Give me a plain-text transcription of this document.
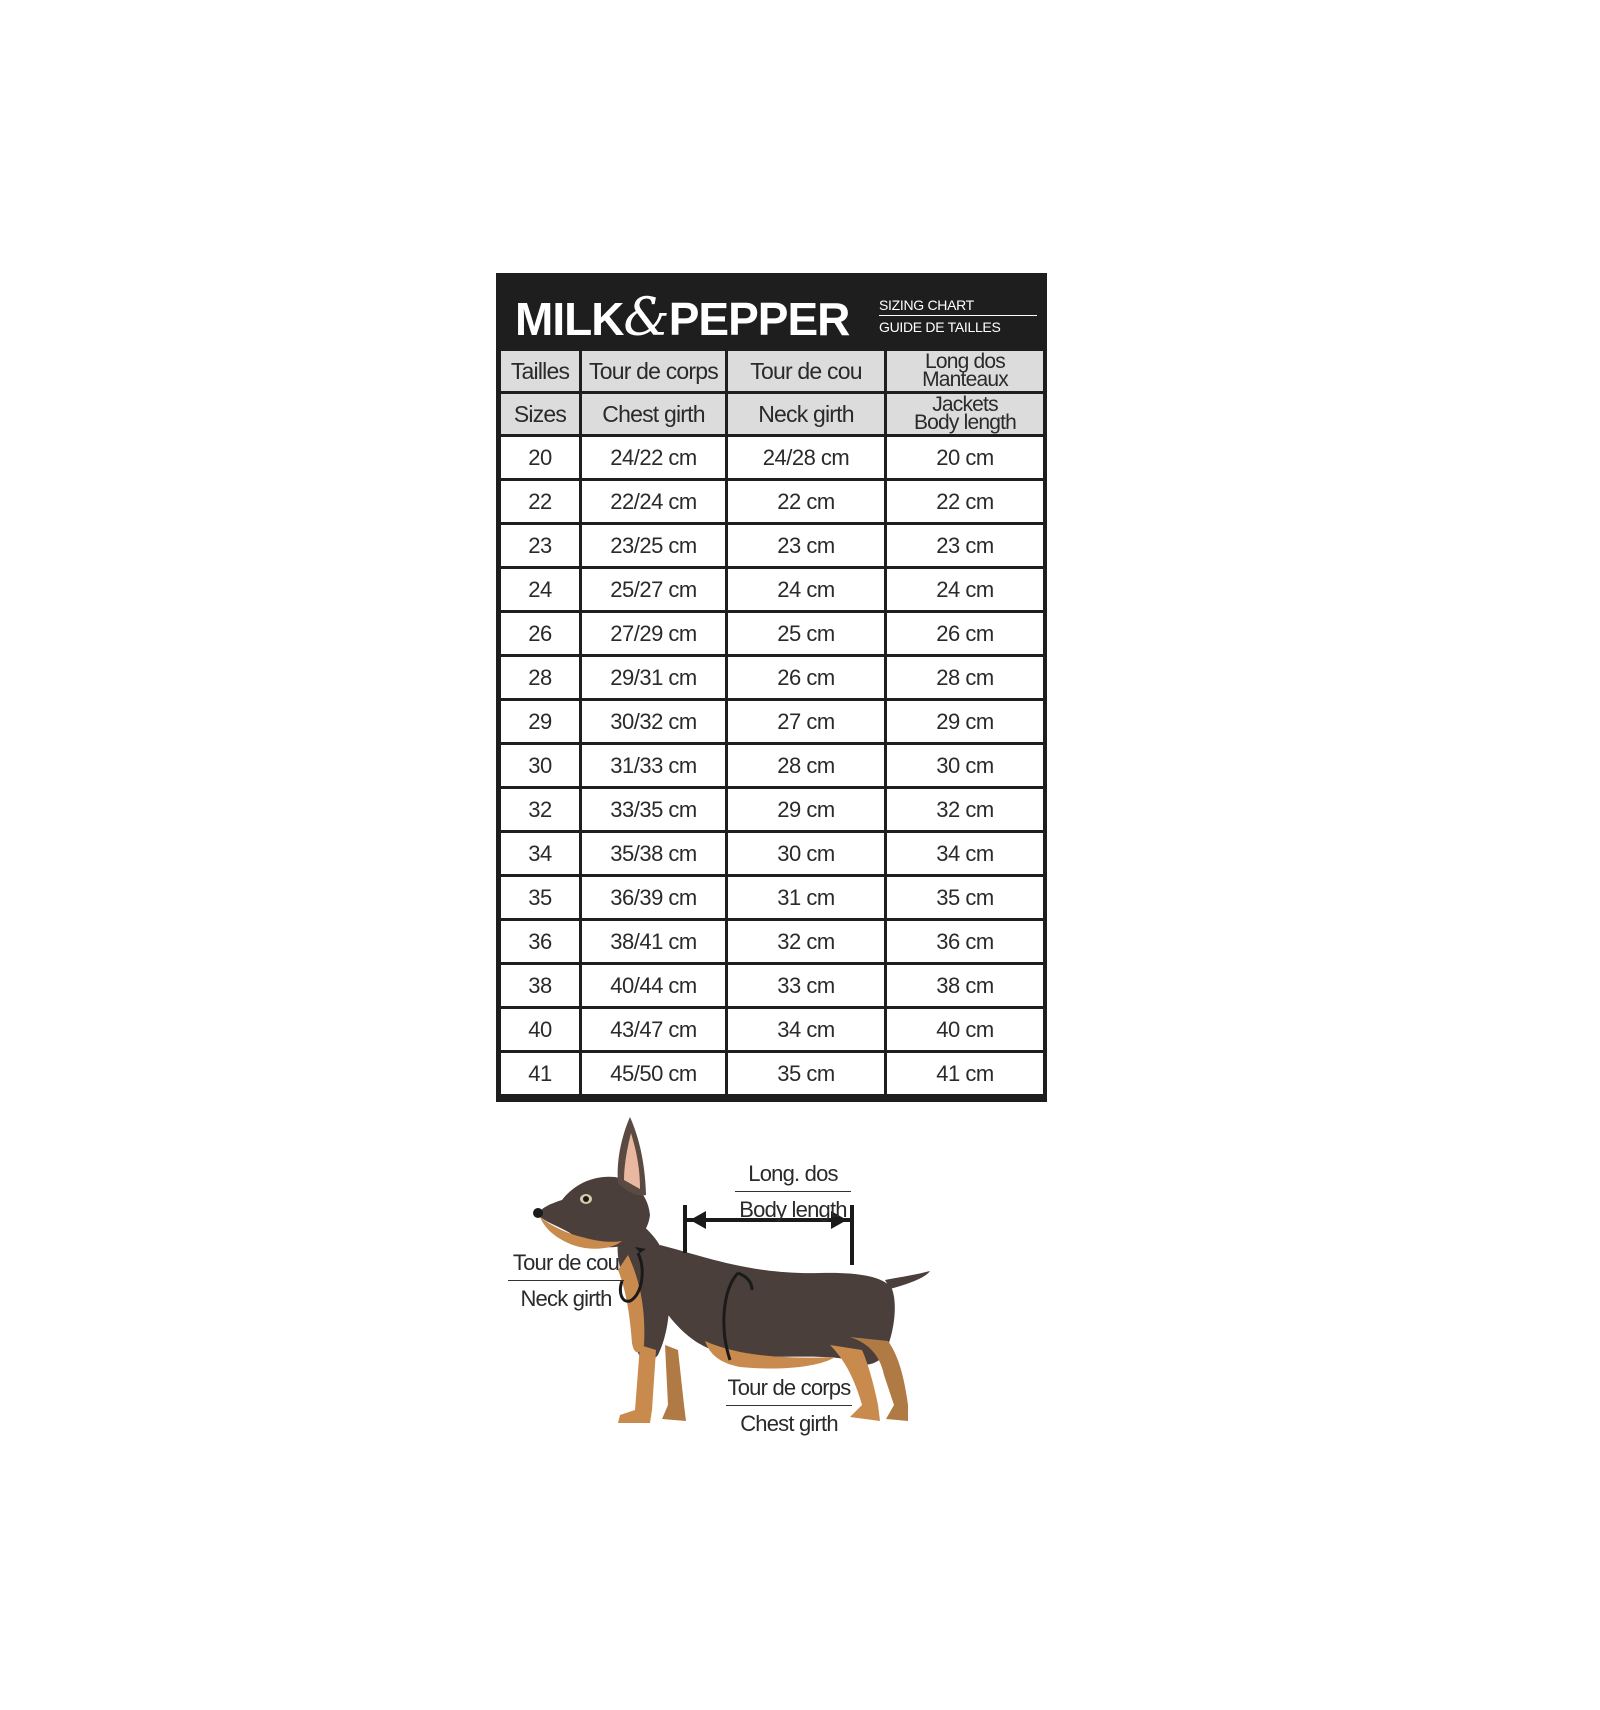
MILK&PEPPER SIZING CHART
GUIDE DE TAILLES
Tailles	Tour de corps	Tour de cou	Long dos
Manteaux

Sizes	Chest girth	Neck girth	Jackets
Body length

20	24/22 cm	24/28 cm	20 cm
22	22/24 cm	22 cm	22 cm
23	23/25 cm	23 cm	23 cm
24	25/27 cm	24 cm	24 cm
26	27/29 cm	25 cm	26 cm
28	29/31 cm	26 cm	28 cm
29	30/32 cm	27 cm	29 cm
30	31/33 cm	28 cm	30 cm
32	33/35 cm	29 cm	32 cm
34	35/38 cm	30 cm	34 cm
35	36/39 cm	31 cm	35 cm
36	38/41 cm	32 cm	36 cm
38	40/44 cm	33 cm	38 cm
40	43/47 cm	34 cm	40 cm
41	45/50 cm	35 cm	41 cm
Long. dos
Body length
Tour de cou
Neck girth
Tour de corps
Chest girth
